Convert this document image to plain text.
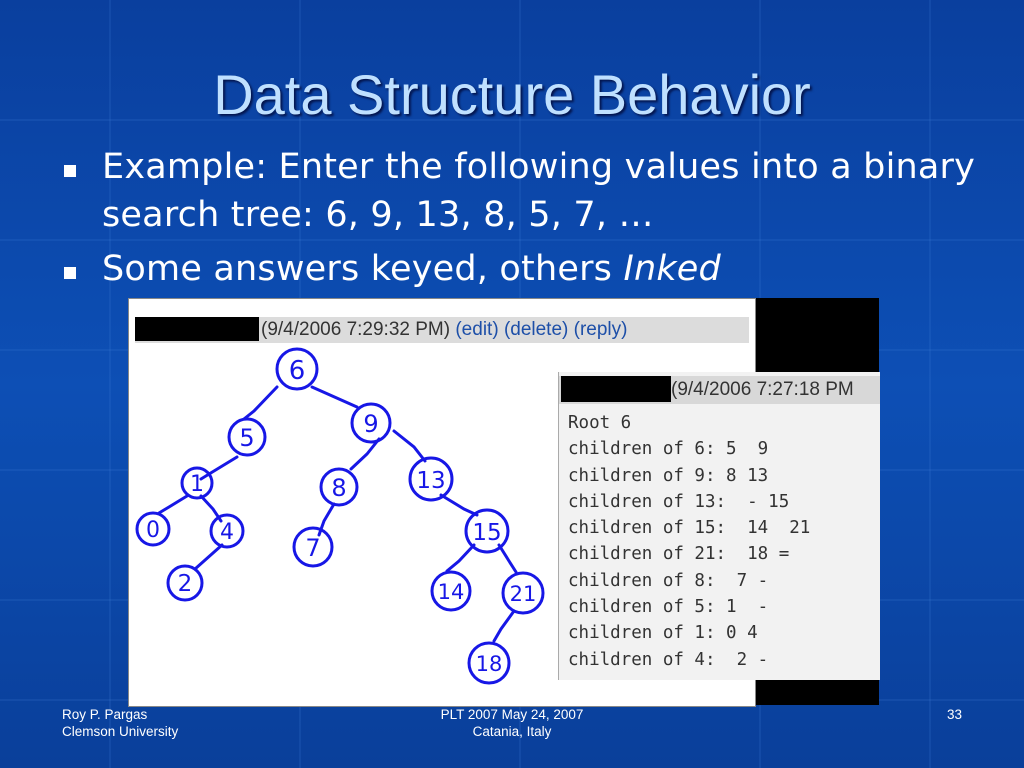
Data Structure Behavior
Example: Enter the following values into a binary search tree: 6, 9, 13, 8, 5, 7, …
Some answers keyed, others Inked
(9/4/2006 7:29:32 PM) (edit) (delete) (reply)
6
5	9
1	8	13
0	4
7
15
2	14 21
18
(9/4/2006 7:27:18 PM
Root 6
children of 6: 5  9
children of 9: 8 13
children of 13:  - 15
children of 15:  14  21
children of 21:  18 =
children of 8:  7 -
children of 5: 1  -
children of 1: 0 4
children of 4:  2 -
Roy P. Pargas
Clemson University
PLT 2007 May 24, 2007
Catania, Italy
33
